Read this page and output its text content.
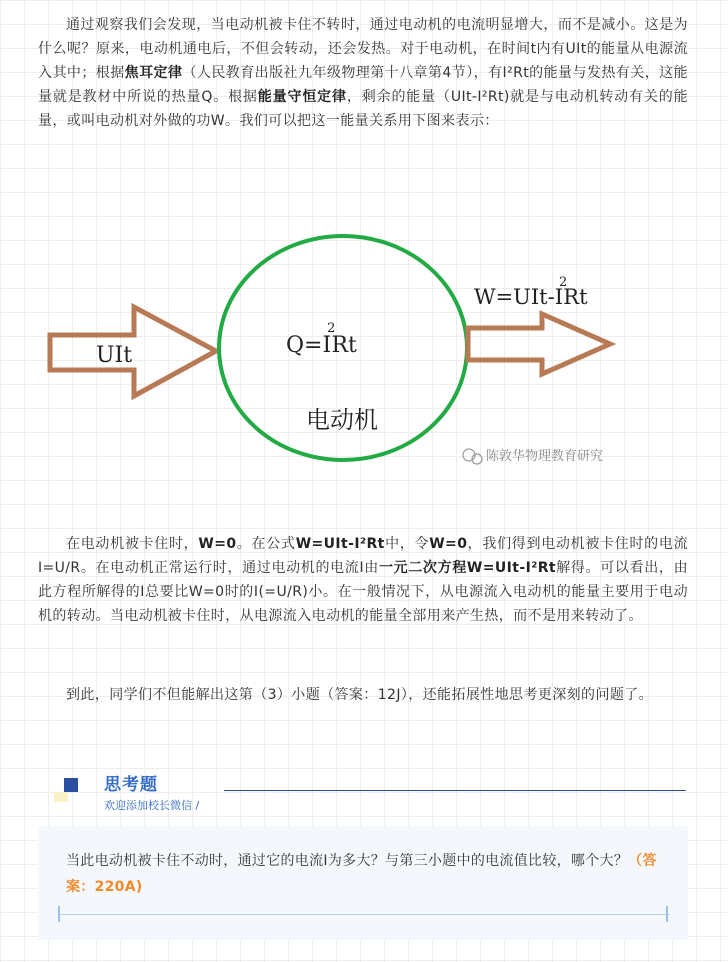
通过观察我们会发现，当电动机被卡住不转时，通过电动机的电流明显增大，而不是减小。这是为什么呢？原来，电动机通电后，不但会转动，还会发热。对于电动机，在时间t内有UIt的能量从电源流入其中；根据焦耳定律（人民教育出版社九年级物理第十八章第4节），有I²Rt的能量与发热有关，这能量就是教材中所说的热量Q。根据能量守恒定律，剩余的能量（UIt-I²Rt)就是与电动机转动有关的能量，或叫电动机对外做的功W。我们可以把这一能量关系用下图来表示：

UIt	Q=I2 Rt
电动机
W=UIt-I2 Rt
陈敦华物理教育研究

在电动机被卡住时，W=0。在公式W=UIt-I²Rt中，令W=0，我们得到电动机被卡住时的电流I=U/R。在电动机正常运行时，通过电动机的电流I由一元二次方程W=UIt-I²Rt解得。可以看出，由此方程所解得的I总要比W=0时的I(=U/R)小。在一般情况下，从电源流入电动机的能量主要用于电动机的转动。当电动机被卡住时，从电源流入电动机的能量全部用来产生热，而不是用来转动了。

到此，同学们不但能解出这第（3）小题（答案：12J），还能拓展性地思考更深刻的问题了。

思考题
欢迎添加校长微信 /

当此电动机被卡住不动时，通过它的电流I为多大？与第三小题中的电流值比较，哪个大？（答案：220A)
